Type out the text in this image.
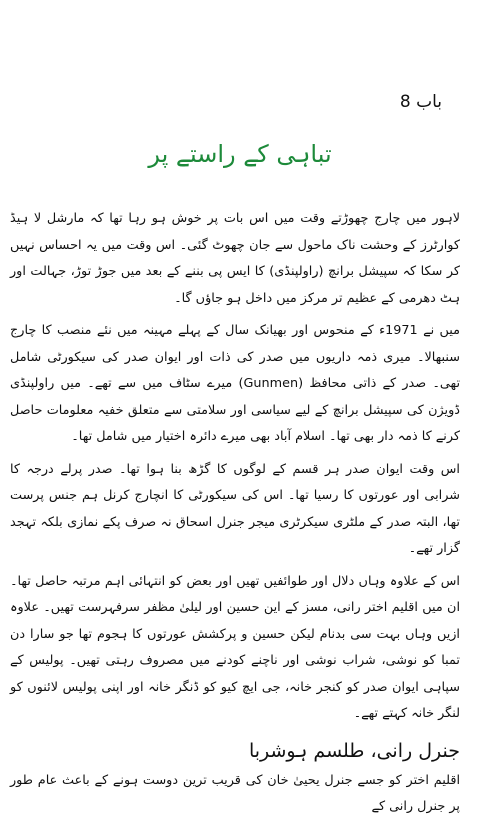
باب 8
تباہی کے راستے پر

لاہور میں چارج چھوڑتے وقت میں اس بات پر خوش ہو رہا تھا کہ مارشل لا ہیڈ کوارٹرز کے وحشت ناک ماحول سے جان چھوٹ گئی۔ اس وقت میں یہ احساس نہیں کر سکا کہ سپیشل برانچ (راولپنڈی) کا ایس پی بننے کے بعد میں جوڑ توڑ، جہالت اور ہٹ دھرمی کے عظیم تر مرکز میں داخل ہو جاؤں گا۔

میں نے 1971ء کے منحوس اور بھیانک سال کے پہلے مہینہ میں نئے منصب کا چارج سنبھالا۔ میری ذمہ داریوں میں صدر کی ذات اور ایوان صدر کی سیکورٹی شامل تھی۔ صدر کے ذاتی محافظ (Gunmen) میرے سٹاف میں سے تھے۔ میں راولپنڈی ڈویژن کی سپیشل برانچ کے لیے سیاسی اور سلامتی سے متعلق خفیہ معلومات حاصل کرنے کا ذمہ دار بھی تھا۔ اسلام آباد بھی میرے دائرہ اختیار میں شامل تھا۔

اس وقت ایوان صدر ہر قسم کے لوگوں کا گڑھ بنا ہوا تھا۔ صدر پرلے درجہ کا شرابی اور عورتوں کا رسیا تھا۔ اس کی سیکورٹی کا انچارج کرنل ہم جنس پرست تھا، البتہ صدر کے ملٹری سیکرٹری میجر جنرل اسحاق نہ صرف پکے نمازی بلکہ تہجد گزار تھے۔

اس کے علاوہ وہاں دلال اور طوائفیں تھیں اور بعض کو انتہائی اہم مرتبہ حاصل تھا۔ ان میں اقلیم اختر رانی، مسز کے این حسین اور لیلیٰ مظفر سرفہرست تھیں۔ علاوہ ازیں وہاں بہت سی بدنام لیکن حسین و پرکشش عورتوں کا ہجوم تھا جو سارا دن تمبا کو نوشی، شراب نوشی اور ناچنے کودنے میں مصروف رہتی تھیں۔ پولیس کے سپاہی ایوان صدر کو کنجر خانہ، جی ایچ کیو کو ڈنگر خانہ اور اپنی پولیس لائنوں کو لنگر خانہ کہتے تھے۔

جنرل رانی، طلسم ہوشربا

اقلیم اختر کو جسے جنرل یحییٰ خان کی قریب ترین دوست ہونے کے باعث عام طور پر جنرل رانی کے
